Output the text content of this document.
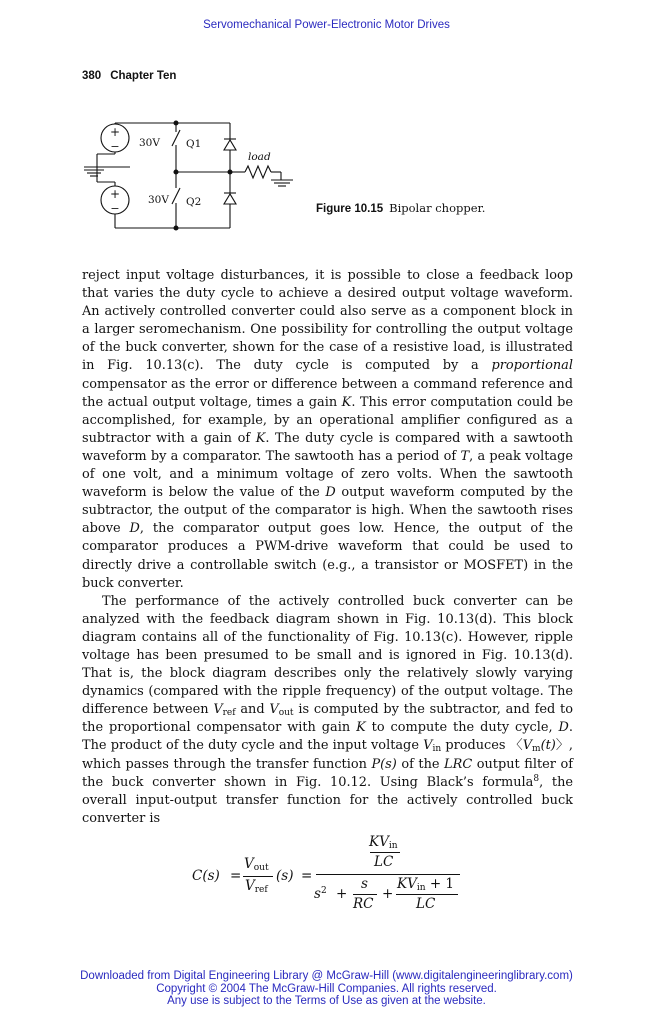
Servomechanical Power-Electronic Motor Drives
380 Chapter Ten
+
−
+
−
30V
30V
Q1
Q2
load
Figure 10.15 Bipolar chopper.

reject input voltage disturbances, it is possible to close a feedback loop that varies the duty cycle to achieve a desired output voltage waveform. An actively controlled converter could also serve as a component block in a larger seromechanism. One possibility for controlling the output voltage of the buck converter, shown for the case of a resistive load, is illustrated in Fig. 10.13(c). The duty cycle is computed by a proportional compensator as the error or difference between a command reference and the actual output voltage, times a gain K. This error computation could be accomplished, for example, by an operational amplifier configured as a subtractor with a gain of K. The duty cycle is compared with a sawtooth waveform by a comparator. The sawtooth has a period of T, a peak voltage of one volt, and a minimum voltage of zero volts. When the sawtooth waveform is below the value of the D output waveform computed by the subtractor, the output of the comparator is high. When the sawtooth rises above D, the comparator output goes low. Hence, the output of the comparator produces a PWM-drive waveform that could be used to directly drive a controllable switch (e.g., a transistor or MOSFET) in the buck converter.

The performance of the actively controlled buck converter can be analyzed with the feedback diagram shown in Fig. 10.13(d). This block diagram contains all of the functionality of Fig. 10.13(c). However, ripple voltage has been presumed to be small and is ignored in Fig. 10.13(d). That is, the block diagram describes only the relatively slowly varying dynamics (compared with the ripple frequency) of the output voltage. The difference between $V_{ref}$ and $V_{out}$ is computed by the subtractor, and fed to the proportional compensator with gain K to compute the duty cycle, D. The product of the duty cycle and the input voltage $V_{in}$ produces 〈$V_m(t)$〉, which passes through the transfer function P(s) of the LRC output filter of the buck converter shown in Fig. 10.12. Using Black’s formula$^8$, the overall input-output transfer function for the actively controlled buck converter is

C(s) =
$V_{out}$
$V_{ref}$
(s) =
$KV_{in}$
LC
$s^2$ +
s
RC
+
$KV_{in} + 1$
LC
Downloaded from Digital Engineering Library @ McGraw-Hill (www.digitalengineeringlibrary.com)
Copyright © 2004 The McGraw-Hill Companies. All rights reserved.
Any use is subject to the Terms of Use as given at the website.
